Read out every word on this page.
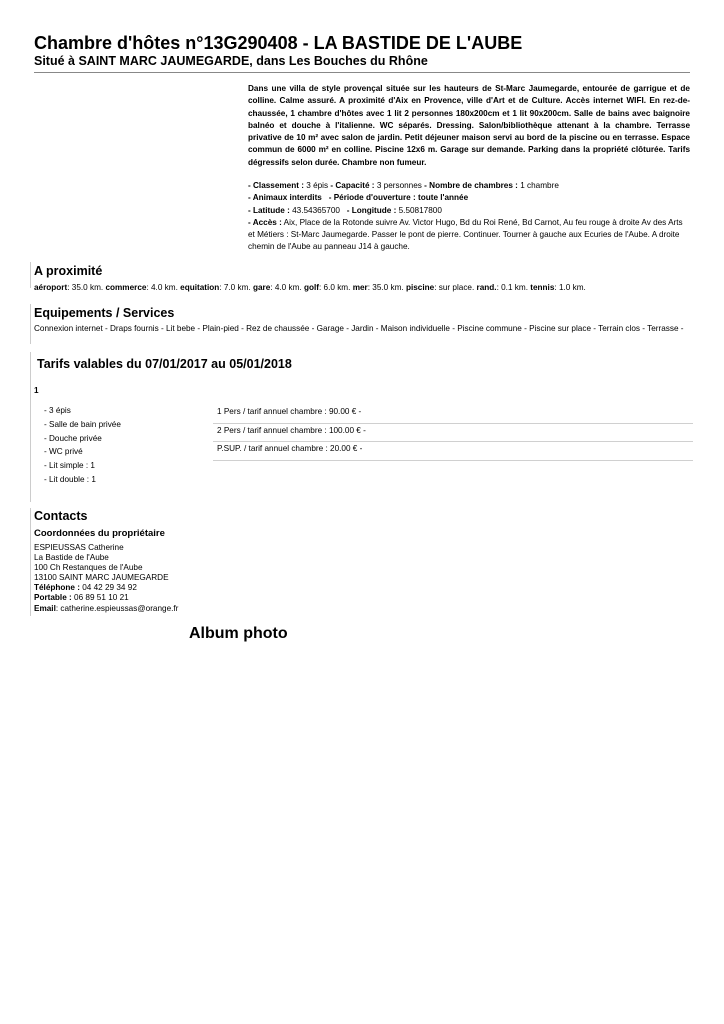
Chambre d'hôtes n°13G290408 - LA BASTIDE DE L'AUBE
Situé à SAINT MARC JAUMEGARDE, dans Les Bouches du Rhône
Dans une villa de style provençal située sur les hauteurs de St-Marc Jaumegarde, entourée de garrigue et de colline. Calme assuré. A proximité d'Aix en Provence, ville d'Art et de Culture. Accès internet WIFI. En rez-de-chaussée, 1 chambre d'hôtes avec 1 lit 2 personnes 180x200cm et 1 lit 90x200cm. Salle de bains avec baignoire balnéo et douche à l'italienne. WC séparés. Dressing. Salon/bibliothèque attenant à la chambre. Terrasse privative de 10 m² avec salon de jardin. Petit déjeuner maison servi au bord de la piscine ou en terrasse. Espace commun de 6000 m² en colline. Piscine 12x6 m. Garage sur demande. Parking dans la propriété clôturée. Tarifs dégressifs selon durée. Chambre non fumeur.
- Classement : 3 épis - Capacité : 3 personnes - Nombre de chambres : 1 chambre
- Animaux interdits - Période d'ouverture : toute l'année
- Latitude : 43.54365700 - Longitude : 5.50817800
- Accès : Aix, Place de la Rotonde suivre Av. Victor Hugo, Bd du Roi René, Bd Carnot, Au feu rouge à droite Av des Arts et Métiers : St-Marc Jaumegarde. Passer le pont de pierre. Continuer. Tourner à gauche aux Ecuries de l'Aube. A droite chemin de l'Aube au panneau J14 à gauche.
A proximité
aéroport: 35.0 km. commerce: 4.0 km. equitation: 7.0 km. gare: 4.0 km. golf: 6.0 km. mer: 35.0 km. piscine: sur place. rand.: 0.1 km. tennis: 1.0 km.
Equipements / Services
Connexion internet - Draps fournis - Lit bebe - Plain-pied - Rez de chaussée - Garage - Jardin - Maison individuelle - Piscine commune - Piscine sur place - Terrain clos - Terrasse -
Tarifs valables du 07/01/2017 au 05/01/2018
1
- 3 épis
- Salle de bain privée
- Douche privée
- WC privé
- Lit simple : 1
- Lit double : 1
1 Pers / tarif annuel chambre : 90.00 € -
2 Pers / tarif annuel chambre : 100.00 € -
P.SUP. / tarif annuel chambre : 20.00 € -
Contacts
Coordonnées du propriétaire
ESPIEUSSAS Catherine
La Bastide de l'Aube
100 Ch Restanques de l'Aube
13100 SAINT MARC JAUMEGARDE
Téléphone : 04 42 29 34 92
Portable : 06 89 51 10 21
Email: catherine.espieussas@orange.fr
Album photo
